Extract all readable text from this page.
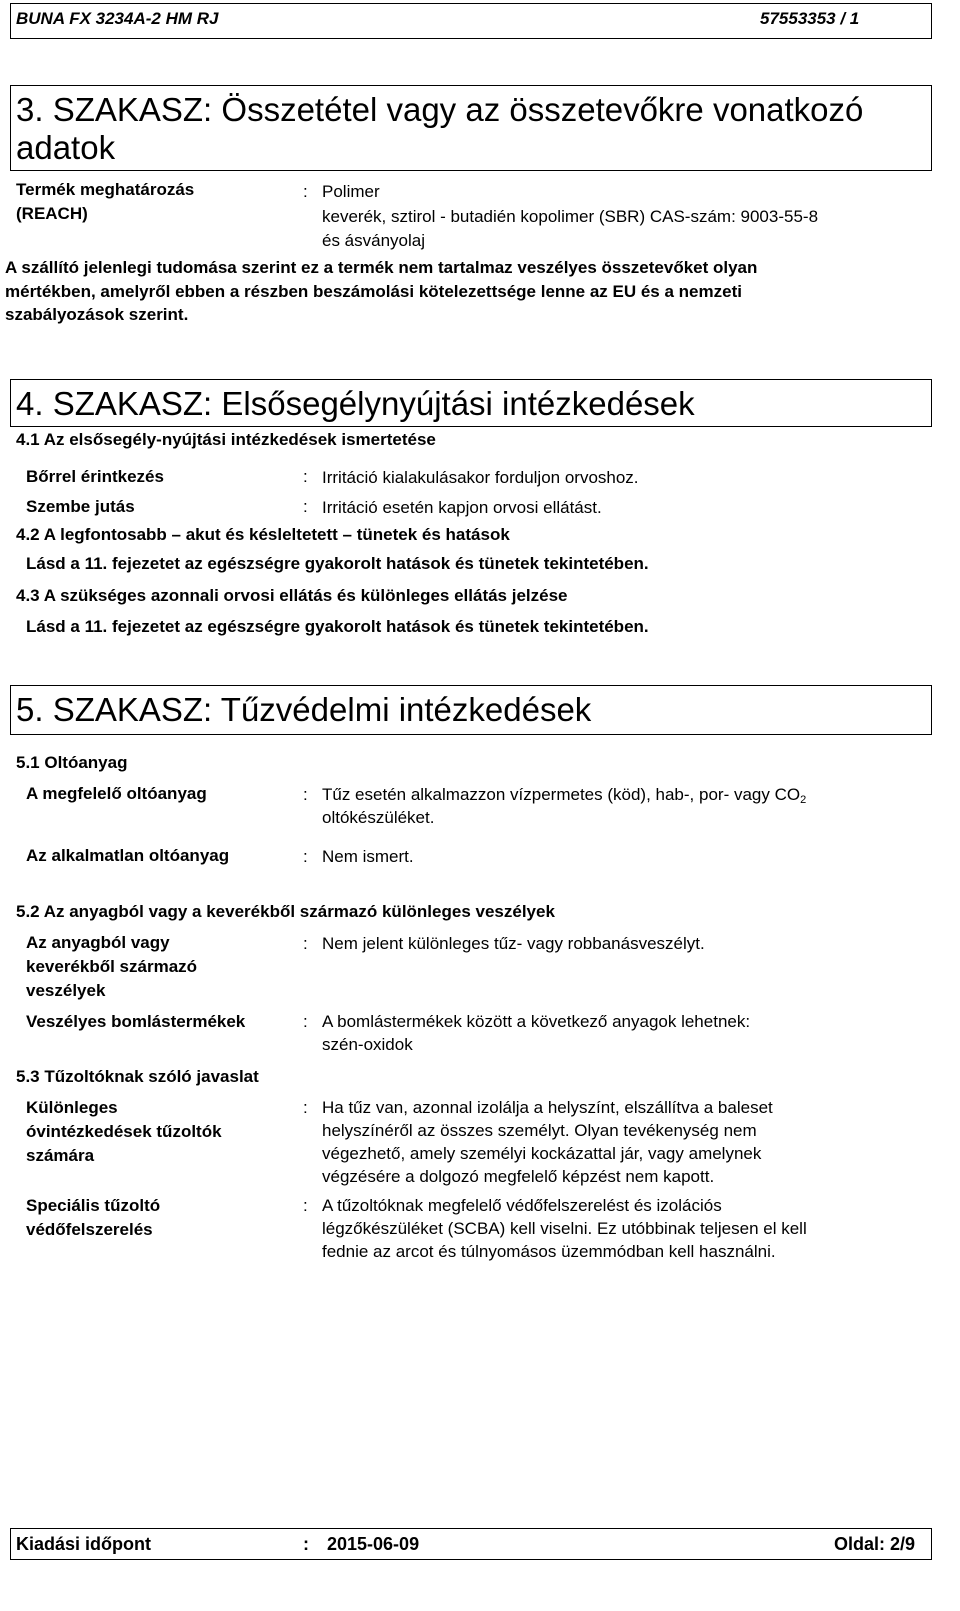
BUNA FX 3234A-2 HM RJ	57553353 / 1
3. SZAKASZ: Összetétel vagy az összetevőkre vonatkozó
adatok
Termék meghatározás
(REACH)
: Polimer
keverék, sztirol - butadién kopolimer (SBR) CAS-szám: 9003-55-8
és ásványolaj
A szállító jelenlegi tudomása szerint ez a termék nem tartalmaz veszélyes összetevőket olyan
mértékben, amelyről ebben a részben beszámolási kötelezettsége lenne az EU és a nemzeti
szabályozások szerint.
4. SZAKASZ: Elsősegélynyújtási intézkedések
4.1 Az elsősegély-nyújtási intézkedések ismertetése
Bőrrel érintkezés	: Irritáció kialakulásakor forduljon orvoshoz.
Szembe jutás	: Irritáció esetén kapjon orvosi ellátást.
4.2 A legfontosabb – akut és késleltetett – tünetek és hatások
Lásd a 11. fejezetet az egészségre gyakorolt hatások és tünetek tekintetében.
4.3 A szükséges azonnali orvosi ellátás és különleges ellátás jelzése
Lásd a 11. fejezetet az egészségre gyakorolt hatások és tünetek tekintetében.
5. SZAKASZ: Tűzvédelmi intézkedések
5.1 Oltóanyag
A megfelelő oltóanyag	: Tűz esetén alkalmazzon vízpermetes (köd), hab-, por- vagy $CO_2$
oltókészüléket.
Az alkalmatlan oltóanyag	: Nem ismert.
5.2 Az anyagból vagy a keverékből származó különleges veszélyek
Az anyagból vagy
keverékből származó
veszélyek
: Nem jelent különleges tűz- vagy robbanásveszélyt.
Veszélyes bomlástermékek	: A bomlástermékek között a következő anyagok lehetnek:
szén-oxidok
5.3 Tűzoltóknak szóló javaslat
Különleges
óvintézkedések tűzoltók
számára
: Ha tűz van, azonnal izolálja a helyszínt, elszállítva a baleset
helyszínéről az összes személyt. Olyan tevékenység nem
végezhető, amely személyi kockázattal jár, vagy amelynek
végzésére a dolgozó megfelelő képzést nem kapott.
Speciális tűzoltó
védőfelszerelés
: A tűzoltóknak megfelelő védőfelszerelést és izolációs
légzőkészüléket (SCBA) kell viselni. Ez utóbbinak teljesen el kell
fednie az arcot és túlnyomásos üzemmódban kell használni.
Kiadási időpont	: 2015-06-09	Oldal: 2/9
